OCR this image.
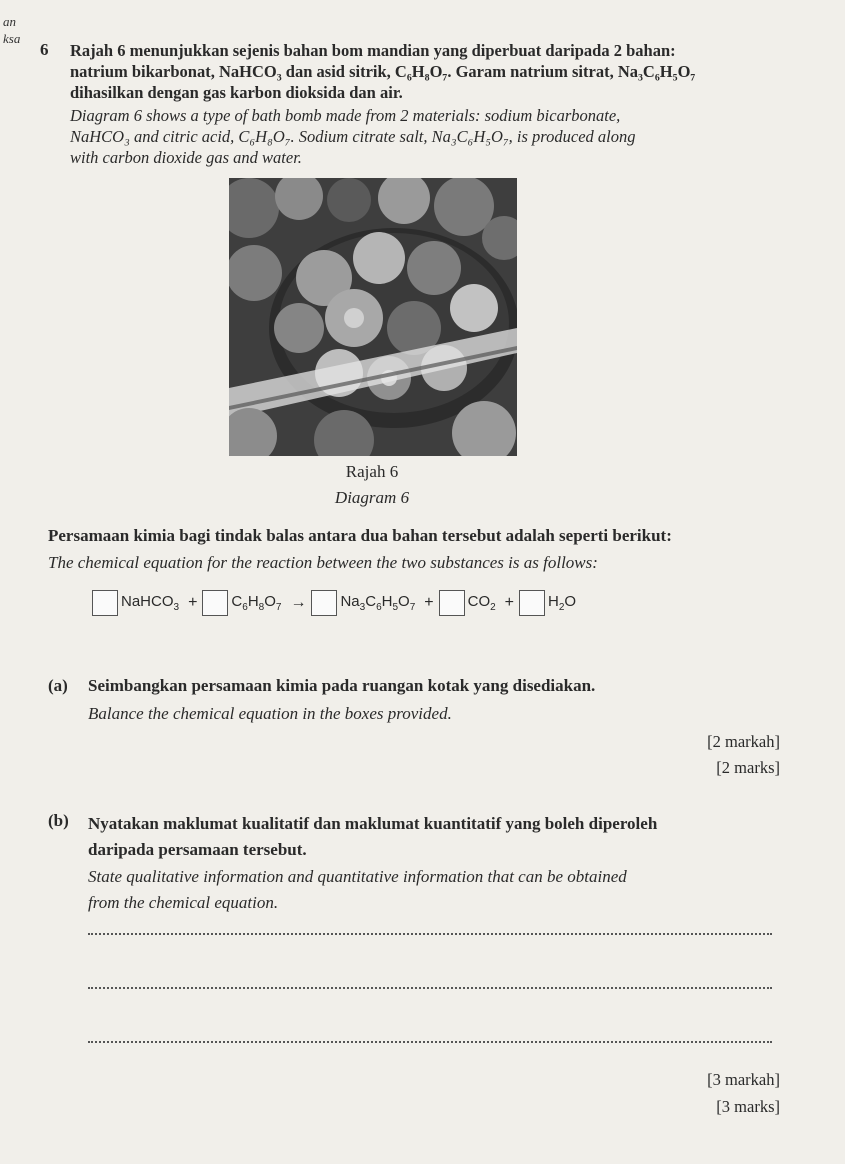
an
ksa
6 Rajah 6 menunjukkan sejenis bahan bom mandian yang diperbuat daripada 2 bahan:
natrium bikarbonat, NaHCO₃ dan asid sitrik, C₆H₈O₇. Garam natrium sitrat, Na₃C₆H₅O₇
dihasilkan dengan gas karbon dioksida dan air.
Diagram 6 shows a type of bath bomb made from 2 materials: sodium bicarbonate,
NaHCO₃ and citric acid, C₆H₈O₇. Sodium citrate salt, Na₃C₆H₅O₇, is produced along
with carbon dioxide gas and water.
Rajah 6
Diagram 6
Persamaan kimia bagi tindak balas antara dua bahan tersebut adalah seperti berikut:
The chemical equation for the reaction between the two substances is as follows:
NaHCO$_3$ + $C_6H_8O_7 \to Na_3C_6H_5O_7 + CO_2 + H_2O$
(a) Seimbangkan persamaan kimia pada ruangan kotak yang disediakan.
Balance the chemical equation in the boxes provided.
[2 markah]
[2 marks]
(b) Nyatakan maklumat kualitatif dan maklumat kuantitatif yang boleh diperoleh
daripada persamaan tersebut.
State qualitative information and quantitative information that can be obtained
from the chemical equation.
[3 markah]
[3 marks]
